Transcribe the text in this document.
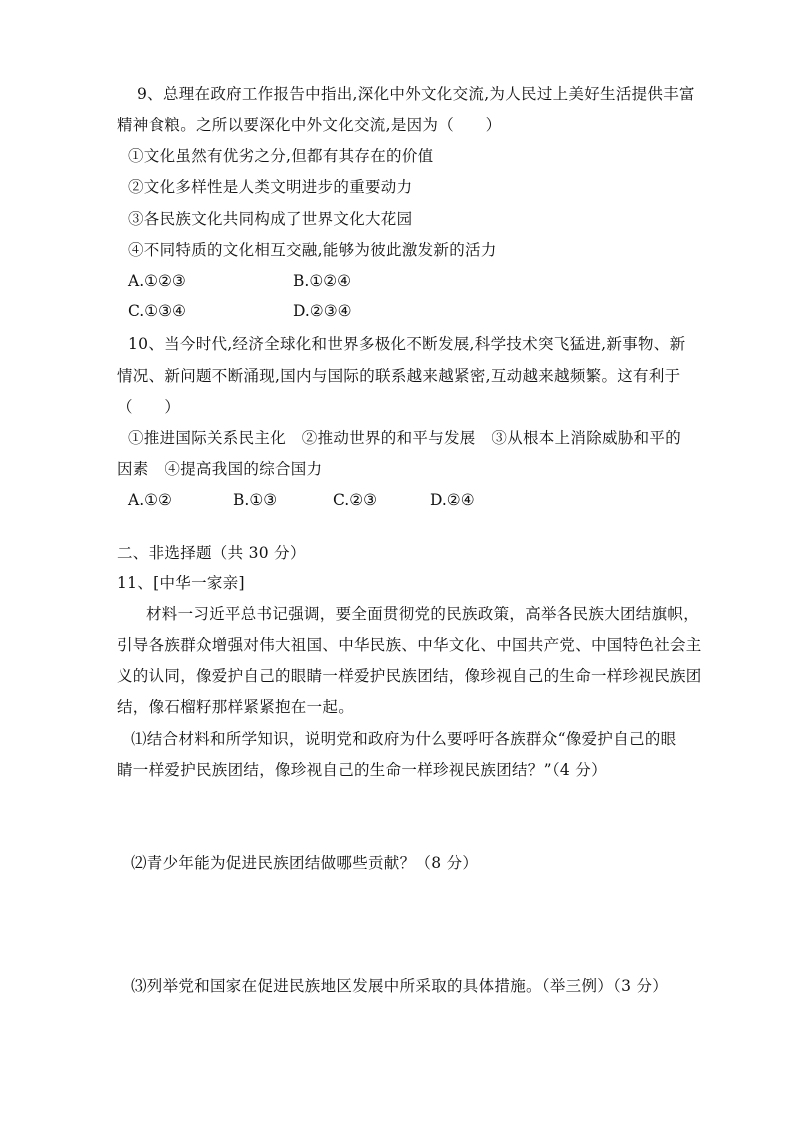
9、总理在政府工作报告中指出,深化中外文化交流,为人民过上美好生活提供丰富
精神食粮。之所以要深化中外文化交流,是因为（　　）
①文化虽然有优劣之分,但都有其存在的价值
②文化多样性是人类文明进步的重要动力
③各民族文化共同构成了世界文化大花园
④不同特质的文化相互交融,能够为彼此激发新的活力
A.①②③	B.①②④
C.①③④	D.②③④
10、当今时代,经济全球化和世界多极化不断发展,科学技术突飞猛进,新事物、新
情况、新问题不断涌现,国内与国际的联系越来越紧密,互动越来越频繁。这有利于
（　　）
①推进国际关系民主化　②推动世界的和平与发展　③从根本上消除威胁和平的
因素　④提高我国的综合国力
A.①②	B.①③	C.②③	D.②④
二、非选择题（共 30 分）
11、[中华一家亲]
材料一习近平总书记强调，要全面贯彻党的民族政策，高举各民族大团结旗帜，
引导各族群众增强对伟大祖国、中华民族、中华文化、中国共产党、中国特色社会主
义的认同，像爱护自己的眼睛一样爱护民族团结，像珍视自己的生命一样珍视民族团
结，像石榴籽那样紧紧抱在一起。
⑴结合材料和所学知识，说明党和政府为什么要呼吁各族群众“像爱护自己的眼
睛一样爱护民族团结，像珍视自己的生命一样珍视民族团结？”（4 分）
⑵青少年能为促进民族团结做哪些贡献？（8 分）
⑶列举党和国家在促进民族地区发展中所采取的具体措施。（举三例）（3 分）
